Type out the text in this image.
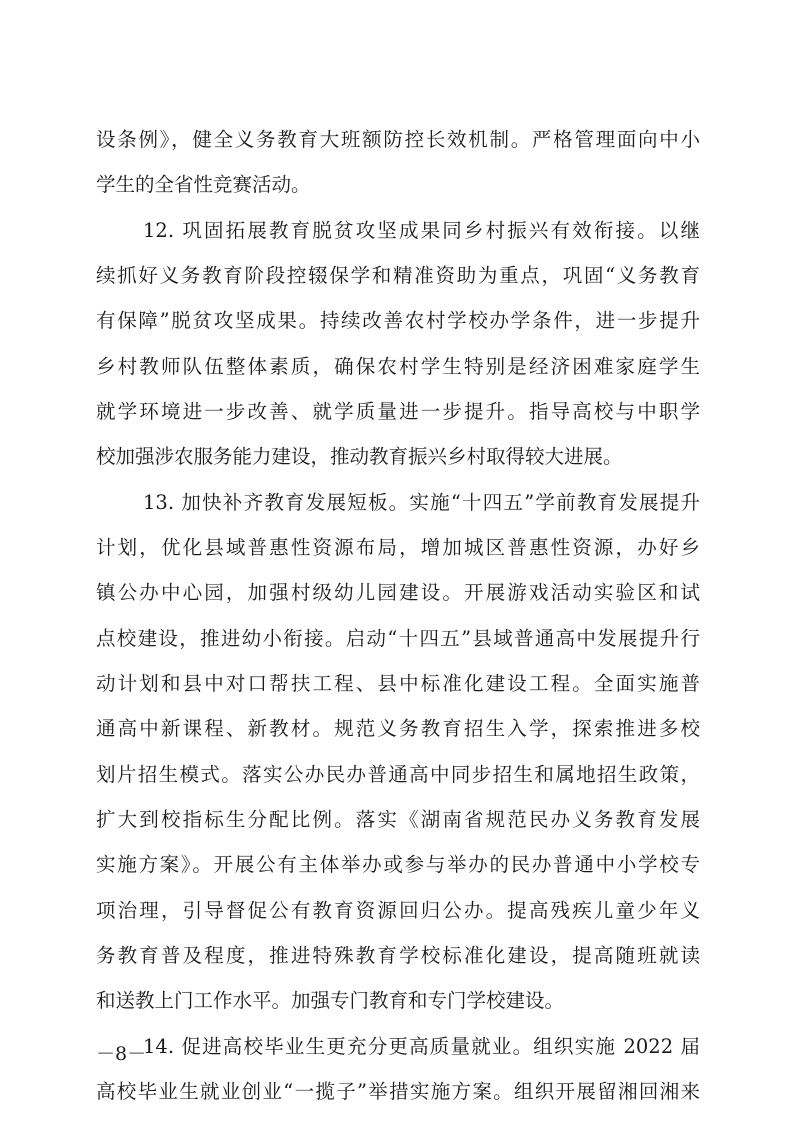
设条例》，健全义务教育大班额防控长效机制。严格管理面向中小
学生的全省性竞赛活动。
12. 巩固拓展教育脱贫攻坚成果同乡村振兴有效衔接。以继
续抓好义务教育阶段控辍保学和精准资助为重点，巩固“义务教育
有保障”脱贫攻坚成果。持续改善农村学校办学条件，进一步提升
乡村教师队伍整体素质，确保农村学生特别是经济困难家庭学生
就学环境进一步改善、就学质量进一步提升。指导高校与中职学
校加强涉农服务能力建设，推动教育振兴乡村取得较大进展。
13. 加快补齐教育发展短板。实施“十四五”学前教育发展提升
计划，优化县域普惠性资源布局，增加城区普惠性资源，办好乡
镇公办中心园，加强村级幼儿园建设。开展游戏活动实验区和试
点校建设，推进幼小衔接。启动“十四五”县域普通高中发展提升行
动计划和县中对口帮扶工程、县中标准化建设工程。全面实施普
通高中新课程、新教材。规范义务教育招生入学，探索推进多校
划片招生模式。落实公办民办普通高中同步招生和属地招生政策，
扩大到校指标生分配比例。落实《湖南省规范民办义务教育发展
实施方案》。开展公有主体举办或参与举办的民办普通中小学校专
项治理，引导督促公有教育资源回归公办。提高残疾儿童少年义
务教育普及程度，推进特殊教育学校标准化建设，提高随班就读
和送教上门工作水平。加强专门教育和专门学校建设。
14. 促进高校毕业生更充分更高质量就业。组织实施 2022 届
高校毕业生就业创业“一揽子”举措实施方案。组织开展留湘回湘来
－8－
